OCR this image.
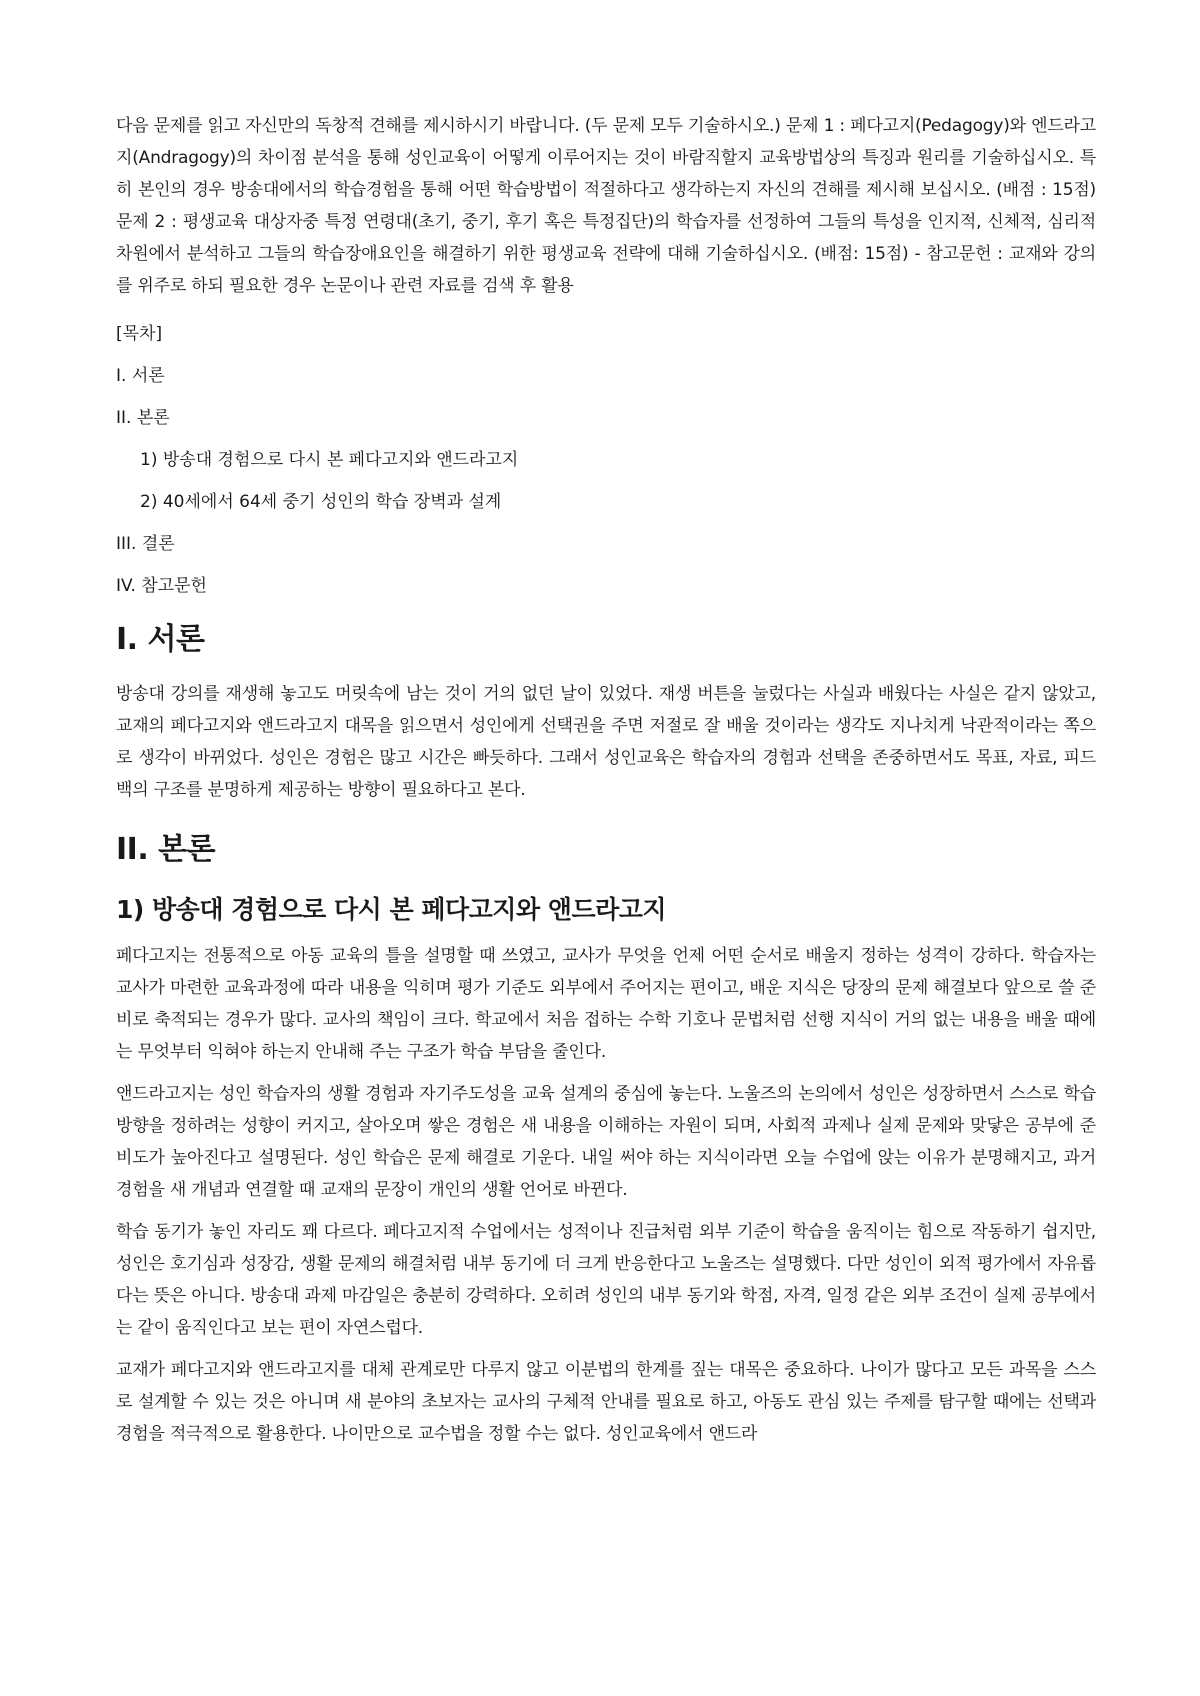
다음 문제를 읽고 자신만의 독창적 견해를 제시하시기 바랍니다. (두 문제 모두 기술하시오.) 문제 1 : 페다고지(Pedagogy)와 엔드라고지(Andragogy)의 차이점 분석을 통해 성인교육이 어떻게 이루어지는 것이 바람직할지 교육방법상의 특징과 원리를 기술하십시오. 특히 본인의 경우 방송대에서의 학습경험을 통해 어떤 학습방법이 적절하다고 생각하는지 자신의 견해를 제시해 보십시오. (배점 : 15점) 문제 2 : 평생교육 대상자중 특정 연령대(초기, 중기, 후기 혹은 특정집단)의 학습자를 선정하여 그들의 특성을 인지적, 신체적, 심리적 차원에서 분석하고 그들의 학습장애요인을 해결하기 위한 평생교육 전략에 대해 기술하십시오. (배점: 15점) - 참고문헌 : 교재와 강의를 위주로 하되 필요한 경우 논문이나 관련 자료를 검색 후 활용

[목차]
I. 서론
II. 본론
1) 방송대 경험으로 다시 본 페다고지와 앤드라고지
2) 40세에서 64세 중기 성인의 학습 장벽과 설계
III. 결론
IV. 참고문헌
I. 서론

방송대 강의를 재생해 놓고도 머릿속에 남는 것이 거의 없던 날이 있었다. 재생 버튼을 눌렀다는 사실과 배웠다는 사실은 같지 않았고, 교재의 페다고지와 앤드라고지 대목을 읽으면서 성인에게 선택권을 주면 저절로 잘 배울 것이라는 생각도 지나치게 낙관적이라는 쪽으로 생각이 바뀌었다. 성인은 경험은 많고 시간은 빠듯하다. 그래서 성인교육은 학습자의 경험과 선택을 존중하면서도 목표, 자료, 피드백의 구조를 분명하게 제공하는 방향이 필요하다고 본다.

II. 본론
1) 방송대 경험으로 다시 본 페다고지와 앤드라고지

페다고지는 전통적으로 아동 교육의 틀을 설명할 때 쓰였고, 교사가 무엇을 언제 어떤 순서로 배울지 정하는 성격이 강하다. 학습자는 교사가 마련한 교육과정에 따라 내용을 익히며 평가 기준도 외부에서 주어지는 편이고, 배운 지식은 당장의 문제 해결보다 앞으로 쓸 준비로 축적되는 경우가 많다. 교사의 책임이 크다. 학교에서 처음 접하는 수학 기호나 문법처럼 선행 지식이 거의 없는 내용을 배울 때에는 무엇부터 익혀야 하는지 안내해 주는 구조가 학습 부담을 줄인다.

앤드라고지는 성인 학습자의 생활 경험과 자기주도성을 교육 설계의 중심에 놓는다. 노울즈의 논의에서 성인은 성장하면서 스스로 학습 방향을 정하려는 성향이 커지고, 살아오며 쌓은 경험은 새 내용을 이해하는 자원이 되며, 사회적 과제나 실제 문제와 맞닿은 공부에 준비도가 높아진다고 설명된다. 성인 학습은 문제 해결로 기운다. 내일 써야 하는 지식이라면 오늘 수업에 앉는 이유가 분명해지고, 과거 경험을 새 개념과 연결할 때 교재의 문장이 개인의 생활 언어로 바뀐다.

학습 동기가 놓인 자리도 꽤 다르다. 페다고지적 수업에서는 성적이나 진급처럼 외부 기준이 학습을 움직이는 힘으로 작동하기 쉽지만, 성인은 호기심과 성장감, 생활 문제의 해결처럼 내부 동기에 더 크게 반응한다고 노울즈는 설명했다. 다만 성인이 외적 평가에서 자유롭다는 뜻은 아니다. 방송대 과제 마감일은 충분히 강력하다. 오히려 성인의 내부 동기와 학점, 자격, 일정 같은 외부 조건이 실제 공부에서는 같이 움직인다고 보는 편이 자연스럽다.

교재가 페다고지와 앤드라고지를 대체 관계로만 다루지 않고 이분법의 한계를 짚는 대목은 중요하다. 나이가 많다고 모든 과목을 스스로 설계할 수 있는 것은 아니며 새 분야의 초보자는 교사의 구체적 안내를 필요로 하고, 아동도 관심 있는 주제를 탐구할 때에는 선택과 경험을 적극적으로 활용한다. 나이만으로 교수법을 정할 수는 없다. 성인교육에서 앤드라
